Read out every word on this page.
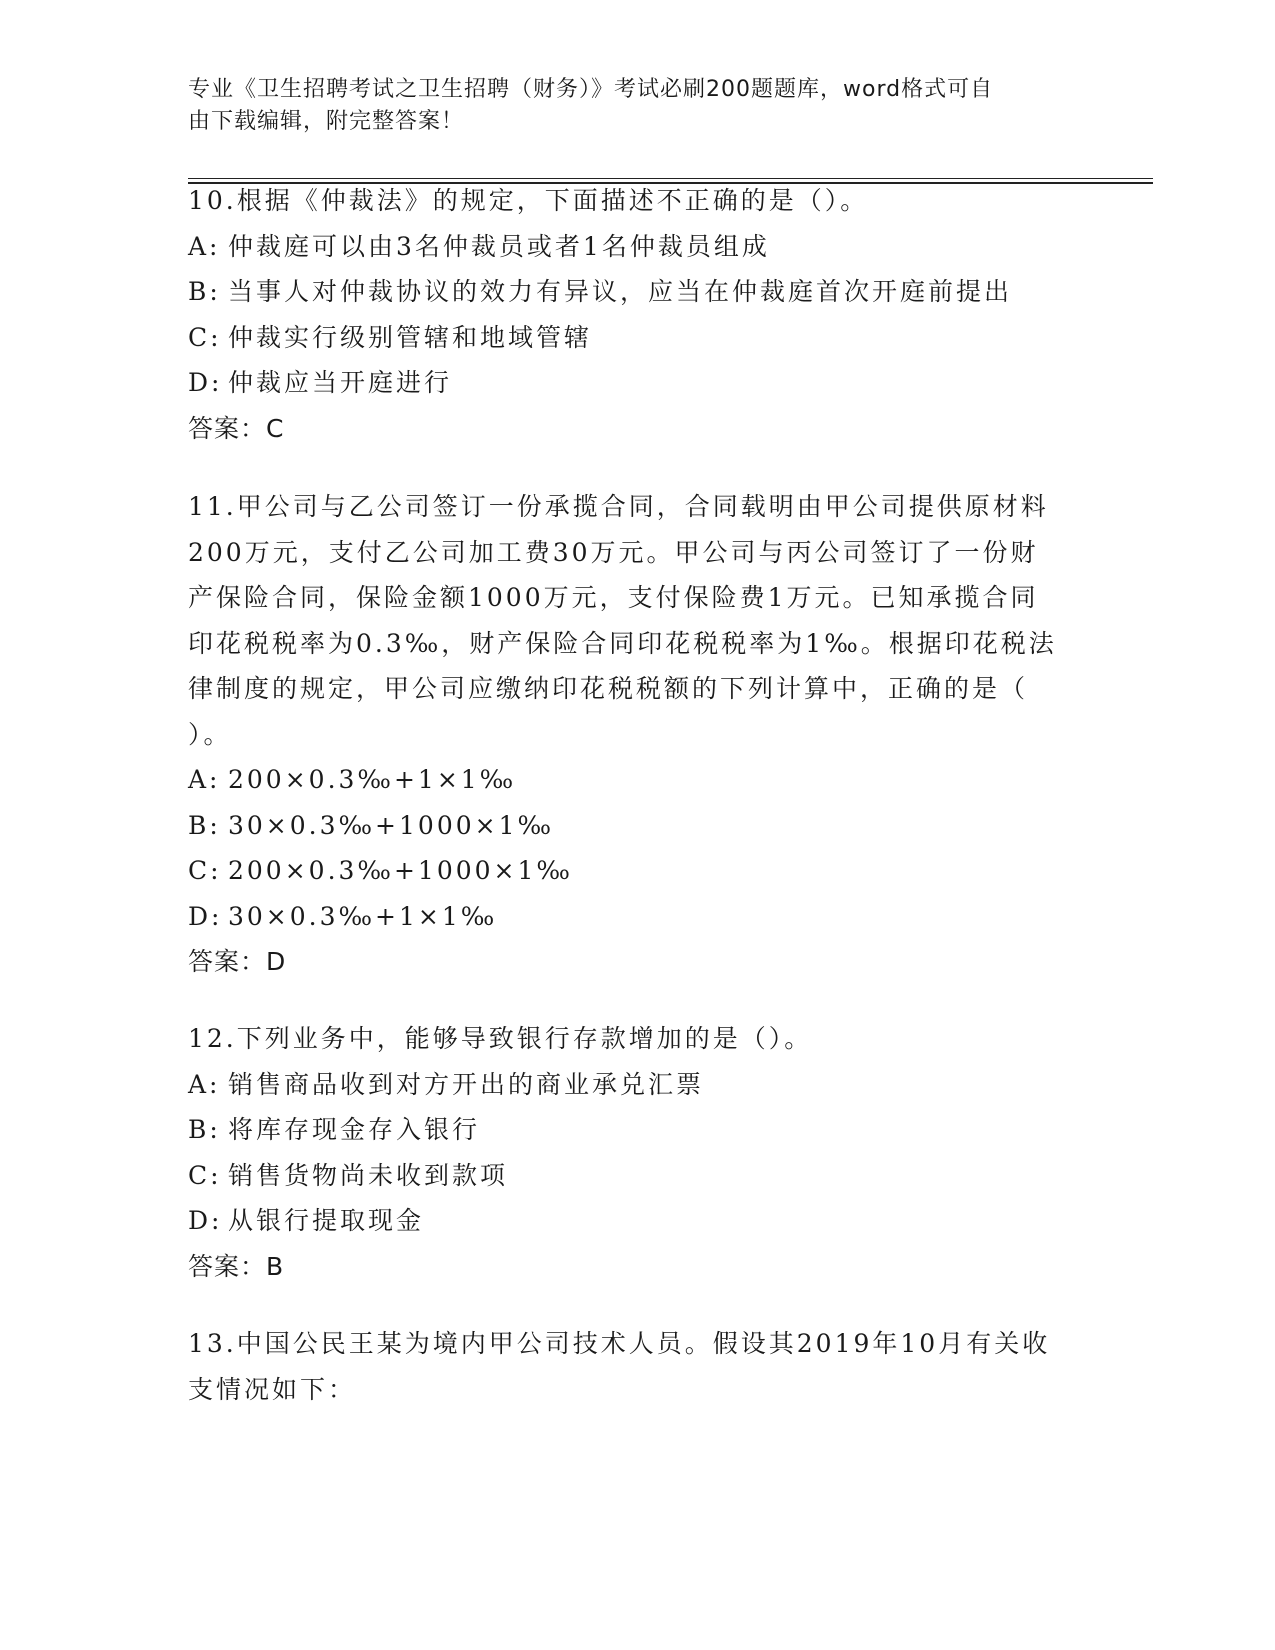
专业《卫生招聘考试之卫生招聘（财务）》考试必刷200题题库，word格式可自
由下载编辑，附完整答案！
10.根据《仲裁法》的规定，下面描述不正确的是（）。
A: 仲裁庭可以由3名仲裁员或者1名仲裁员组成
B: 当事人对仲裁协议的效力有异议，应当在仲裁庭首次开庭前提出
C: 仲裁实行级别管辖和地域管辖
D: 仲裁应当开庭进行
答案：C
11.甲公司与乙公司签订一份承揽合同，合同载明由甲公司提供原材料
200万元，支付乙公司加工费30万元。甲公司与丙公司签订了一份财
产保险合同，保险金额1000万元，支付保险费1万元。已知承揽合同
印花税税率为0.3‰，财产保险合同印花税税率为1‰。根据印花税法
律制度的规定，甲公司应缴纳印花税税额的下列计算中，正确的是（
）。
A: 200×0.3‰+1×1‰
B: 30×0.3‰+1000×1‰
C: 200×0.3‰+1000×1‰
D: 30×0.3‰+1×1‰
答案：D
12.下列业务中，能够导致银行存款增加的是（）。
A: 销售商品收到对方开出的商业承兑汇票
B: 将库存现金存入银行
C: 销售货物尚未收到款项
D: 从银行提取现金
答案：B
13.中国公民王某为境内甲公司技术人员。假设其2019年10月有关收
支情况如下：
